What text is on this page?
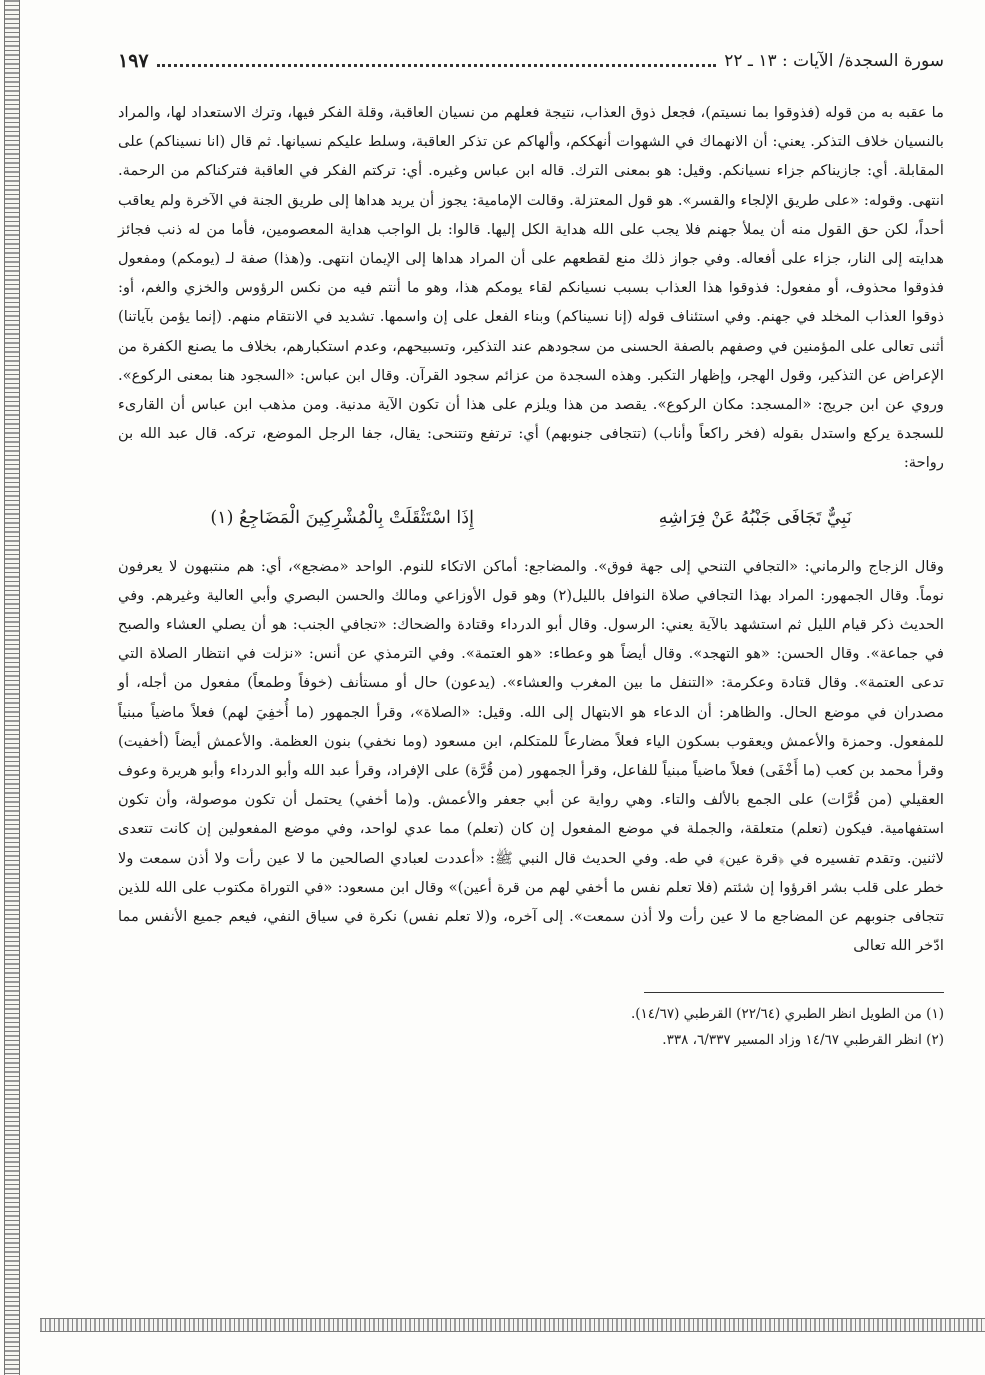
سورة السجدة/ الآيات : ١٣ ـ ٢٢
١٩٧

ما عقبه به من قوله (فذوقوا بما نسيتم)، فجعل ذوق العذاب، نتيجة فعلهم من نسيان العاقبة، وقلة الفكر فيها، وترك الاستعداد لها، والمراد بالنسيان خلاف التذكر. يعني: أن الانهماك في الشهوات أنهككم، وألهاكم عن تذكر العاقبة، وسلط عليكم نسيانها. ثم قال (انا نسيناكم) على المقابلة. أي: جازيناكم جزاء نسيانكم. وقيل: هو بمعنى الترك. قاله ابن عباس وغيره. أي: تركتم الفكر في العاقبة فتركناكم من الرحمة. انتهى. وقوله: «على طريق الإلجاء والقسر». هو قول المعتزلة. وقالت الإمامية: يجوز أن يريد هداها إلى طريق الجنة في الآخرة ولم يعاقب أحداً، لكن حق القول منه أن يملأ جهنم فلا يجب على الله هداية الكل إليها. قالوا: بل الواجب هداية المعصومين، فأما من له ذنب فجائز هدايته إلى النار، جزاء على أفعاله. وفي جواز ذلك منع لقطعهم على أن المراد هداها إلى الإيمان انتهى. و(هذا) صفة لـ (يومكم) ومفعول فذوقوا محذوف، أو مفعول: فذوقوا هذا العذاب بسبب نسيانكم لقاء يومكم هذا، وهو ما أنتم فيه من نكس الرؤوس والخزي والغم، أو: ذوقوا العذاب المخلد في جهنم. وفي استئناف قوله (إنا نسيناكم) وبناء الفعل على إن واسمها. تشديد في الانتقام منهم. (إنما يؤمن بآياتنا) أثنى تعالى على المؤمنين في وصفهم بالصفة الحسنى من سجودهم عند التذكير، وتسبيحهم، وعدم استكبارهم، بخلاف ما يصنع الكفرة من الإعراض عن التذكير، وقول الهجر، وإظهار التكبر. وهذه السجدة من عزائم سجود القرآن. وقال ابن عباس: «السجود هنا بمعنى الركوع». وروي عن ابن جريج: «المسجد: مكان الركوع». يقصد من هذا ويلزم على هذا أن تكون الآية مدنية. ومن مذهب ابن عباس أن القارىء للسجدة يركع واستدل بقوله (فخر راكعاً وأناب) (تتجافى جنوبهم) أي: ترتفع وتتنحى: يقال، جفا الرجل الموضع، تركه. قال عبد الله بن رواحة:

نَبِيٌّ تَجَافَى جَنْبُهُ عَنْ فِرَاشِهِ
إِذَا اسْتَثْقَلَتْ بِالْمُشْرِكِينَ الْمَضَاجِعُ (١)

وقال الزجاج والرماني: «التجافي التنحي إلى جهة فوق». والمضاجع: أماكن الاتكاء للنوم. الواحد «مضجع»، أي: هم منتبهون لا يعرفون نوماً. وقال الجمهور: المراد بهذا التجافي صلاة النوافل بالليل(٢) وهو قول الأوزاعي ومالك والحسن البصري وأبي العالية وغيرهم. وفي الحديث ذكر قيام الليل ثم استشهد بالآية يعني: الرسول. وقال أبو الدرداء وقتادة والضحاك: «تجافي الجنب: هو أن يصلي العشاء والصبح في جماعة». وقال الحسن: «هو التهجد». وقال أيضاً هو وعطاء: «هو العتمة». وفي الترمذي عن أنس: «نزلت في انتظار الصلاة التي تدعى العتمة». وقال قتادة وعكرمة: «التنفل ما بين المغرب والعشاء». (يدعون) حال أو مستأنف (خوفاً وطمعاً) مفعول من أجله، أو مصدران في موضع الحال. والظاهر: أن الدعاء هو الابتهال إلى الله. وقيل: «الصلاة»، وقرأ الجمهور (ما أُخفِيَ لهم) فعلاً ماضياً مبنياً للمفعول. وحمزة والأعمش ويعقوب بسكون الياء فعلاً مضارعاً للمتكلم، ابن مسعود (وما نخفي) بنون العظمة. والأعمش أيضاً (أخفيت) وقرأ محمد بن كعب (ما أَخْفَى) فعلاً ماضياً مبنياً للفاعل، وقرأ الجمهور (من قُرَّة) على الإفراد، وقرأ عبد الله وأبو الدرداء وأبو هريرة وعوف العقيلي (من قُرَّات) على الجمع بالألف والتاء. وهي رواية عن أبي جعفر والأعمش. و(ما أخفي) يحتمل أن تكون موصولة، وأن تكون استفهامية. فيكون (تعلم) متعلقة، والجملة في موضع المفعول إن كان (تعلم) مما عدي لواحد، وفي موضع المفعولين إن كانت تتعدى لاثنين. وتقدم تفسيره في ﴿قرة عين﴾ في طه. وفي الحديث قال النبي ﷺ: «أعددت لعبادي الصالحين ما لا عين رأت ولا أذن سمعت ولا خطر على قلب بشر اقرؤوا إن شئتم (فلا تعلم نفس ما أخفي لهم من قرة أعين)» وقال ابن مسعود: «في التوراة مكتوب على الله للذين تتجافى جنوبهم عن المضاجع ما لا عين رأت ولا أذن سمعت». إلى آخره، و(لا تعلم نفس) نكرة في سياق النفي، فيعم جميع الأنفس مما ادّخر الله تعالى

(١) من الطويل انظر الطبري (٢٢/٦٤) القرطبي (١٤/٦٧).

(٢) انظر القرطبي ١٤/٦٧ وزاد المسير ٦/٣٣٧، ٣٣٨.
